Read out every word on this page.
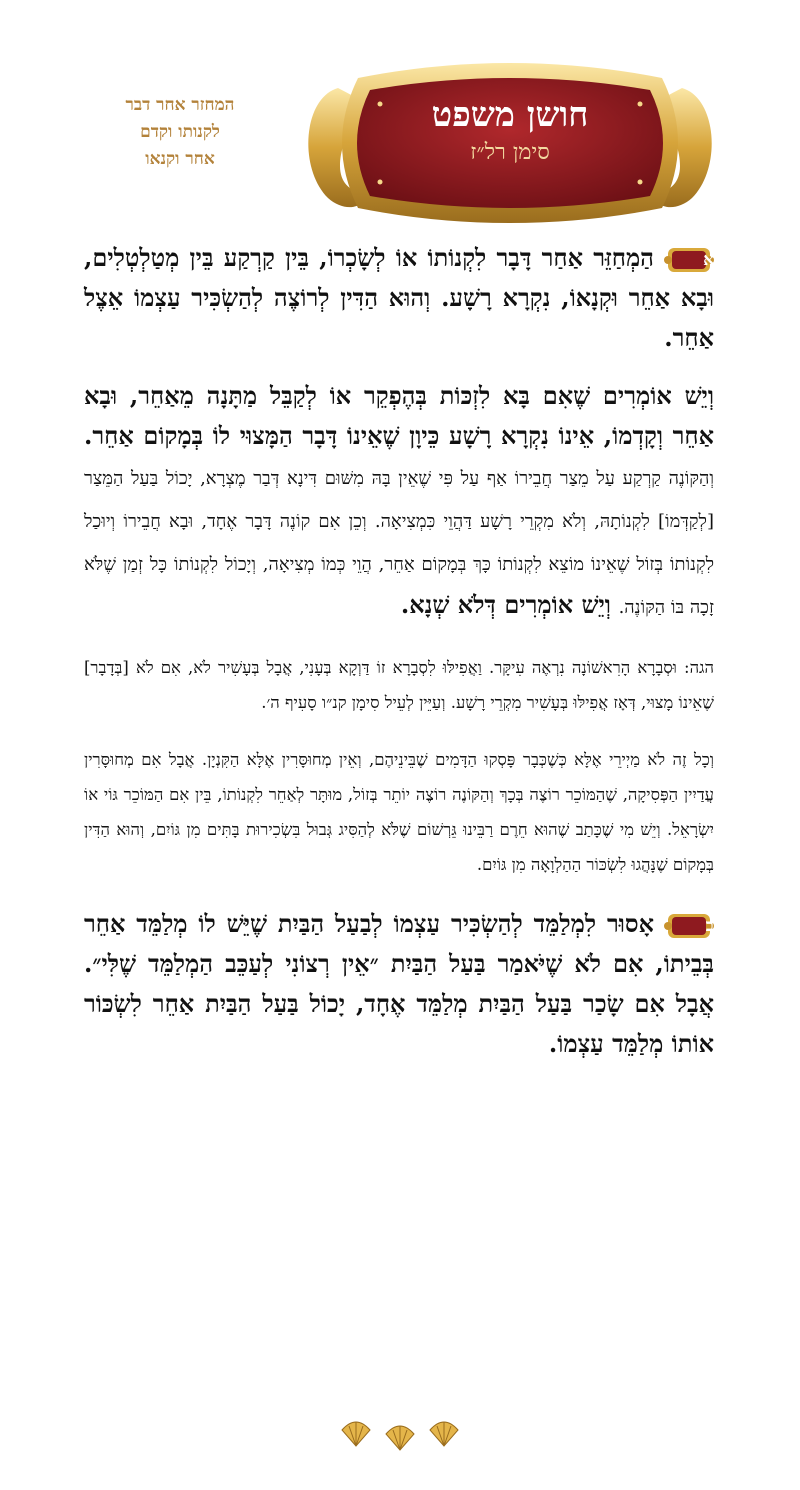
המחזר אחר דבר
לקנותו וקדם
אחר וקנאו
חושן משפט
סימן רל״ז

א
הַמְחַזֵּר אַחַר דָּבָר לִקְנוֹתוֹ אוֹ לְשָׂכְרוֹ, בֵּין קַרְקַע בֵּין מְטַלְטְלִים, וּבָא אַחֵר וּקְנָאוֹ, נִקְרָא רָשָׁע. וְהוּא הַדִּין לְרוֹצֶה לְהַשְׂכִּיר עַצְמוֹ אֵצֶל אַחֵר.

וְיֵשׁ אוֹמְרִים שֶׁאִם בָּא לִזְכּוֹת בְּהֶפְקֵר אוֹ לְקַבֵּל מַתָּנָה מֵאַחֵר, וּבָא אַחֵר וְקָדְמוֹ, אֵינוֹ נִקְרָא רָשָׁע כֵּיוָן שֶׁאֵינוֹ דָּבָר הַמָּצוּי לוֹ בְּמָקוֹם אַחֵר. וְהַקּוֹנֶה קַרְקַע עַל מֵצַר חֲבֵירוֹ אַף עַל פִּי שֶׁאֵין בָּהּ מִשּׁוּם דִּינָא דְּבַר מֶצְרָא, יָכוֹל בַּעַל הַמֵּצַר [לְקַדְּמוֹ] לִקְנוֹתָהּ, וְלֹא מִקְרֵי רָשָׁע דַּהֲוֵי כִּמְצִיאָה. וְכֵן אִם קוֹנֶה דָּבָר אֶחָד, וּבָא חֲבֵירוֹ וְיוּכַל לִקְנוֹתוֹ בְּזוֹל שֶׁאֵינוֹ מוֹצֵא לִקְנוֹתוֹ כָּךְ בְּמָקוֹם אַחֵר, הֲוֵי כְּמוֹ מְצִיאָה, וְיָכוֹל לִקְנוֹתוֹ כָּל זְמַן שֶׁלֹּא זָכָה בּוֹ הַקּוֹנֶה. וְיֵשׁ אוֹמְרִים דְּלֹא שְׁנָא.

הגה: וּסְבָרָא הָרִאשׁוֹנָה נִרְאֶה עִיקָּר. וַאֲפִילּוּ לִסְבָרָא זוֹ דַּוְקָא בְּעָנִי, אֲבָל בְּעָשִׁיר לֹא, אִם לֹא [בְּדָבָר] שֶׁאֵינוֹ מָצוּי, דְּאָז אֲפִילּוּ בְּעָשִׁיר מִקְרֵי רָשָׁע. וְעַיֵּין לְעֵיל סִימָן קנ״ו סָעִיף ה׳.

וְכָל זֶה לֹא מַיְירֵי אֶלָּא כְּשֶׁכְּבָר פָּסְקוּ הַדָּמִים שֶׁבֵּינֵיהֶם, וְאֵין מְחוּסָּרִין אֶלָּא הַקִּנְיָן. אֲבָל אִם מְחוּסָּרִין עֲדַיִין הַפְּסִיקָה, שֶׁהַמּוֹכֵר רוֹצֶה בְּכָךְ וְהַקּוֹנֶה רוֹצֶה יוֹתֵר בְּזוֹל, מוּתָּר לְאַחֵר לִקְנוֹתוֹ, בֵּין אִם הַמּוֹכֵר גּוֹי אוֹ יִשְׂרָאֵל. וְיֵשׁ מִי שֶׁכָּתַב שֶׁהוּא חֵרֶם רַבֵּינוּ גֵּרְשׁוֹם שֶׁלֹּא לְהַסִּיג גְּבוּל בִּשְׂכִירוּת בָּתִּים מִן גּוֹיִם, וְהוּא הַדִּין בְּמָקוֹם שֶׁנָּהֲגוּ לִשְׂכּוֹר הַהַלְוָאָה מִן גּוֹיִם.

ב
אָסוּר לִמְלַמֵּד לְהַשְׂכִּיר עַצְמוֹ לְבַעַל הַבַּיִת שֶׁיֵּשׁ לוֹ מְלַמֵּד אַחֵר בְּבֵיתוֹ, אִם לֹא שֶׁיֹּאמַר בַּעַל הַבַּיִת ״אֵין רְצוֹנִי לְעַכֵּב הַמְלַמֵּד שֶׁלִּי״. אֲבָל אִם שָׂכַר בַּעַל הַבַּיִת מְלַמֵּד אֶחָד, יָכוֹל בַּעַל הַבַּיִת אַחֵר לִשְׂכּוֹר אוֹתוֹ מְלַמֵּד עַצְמוֹ.
